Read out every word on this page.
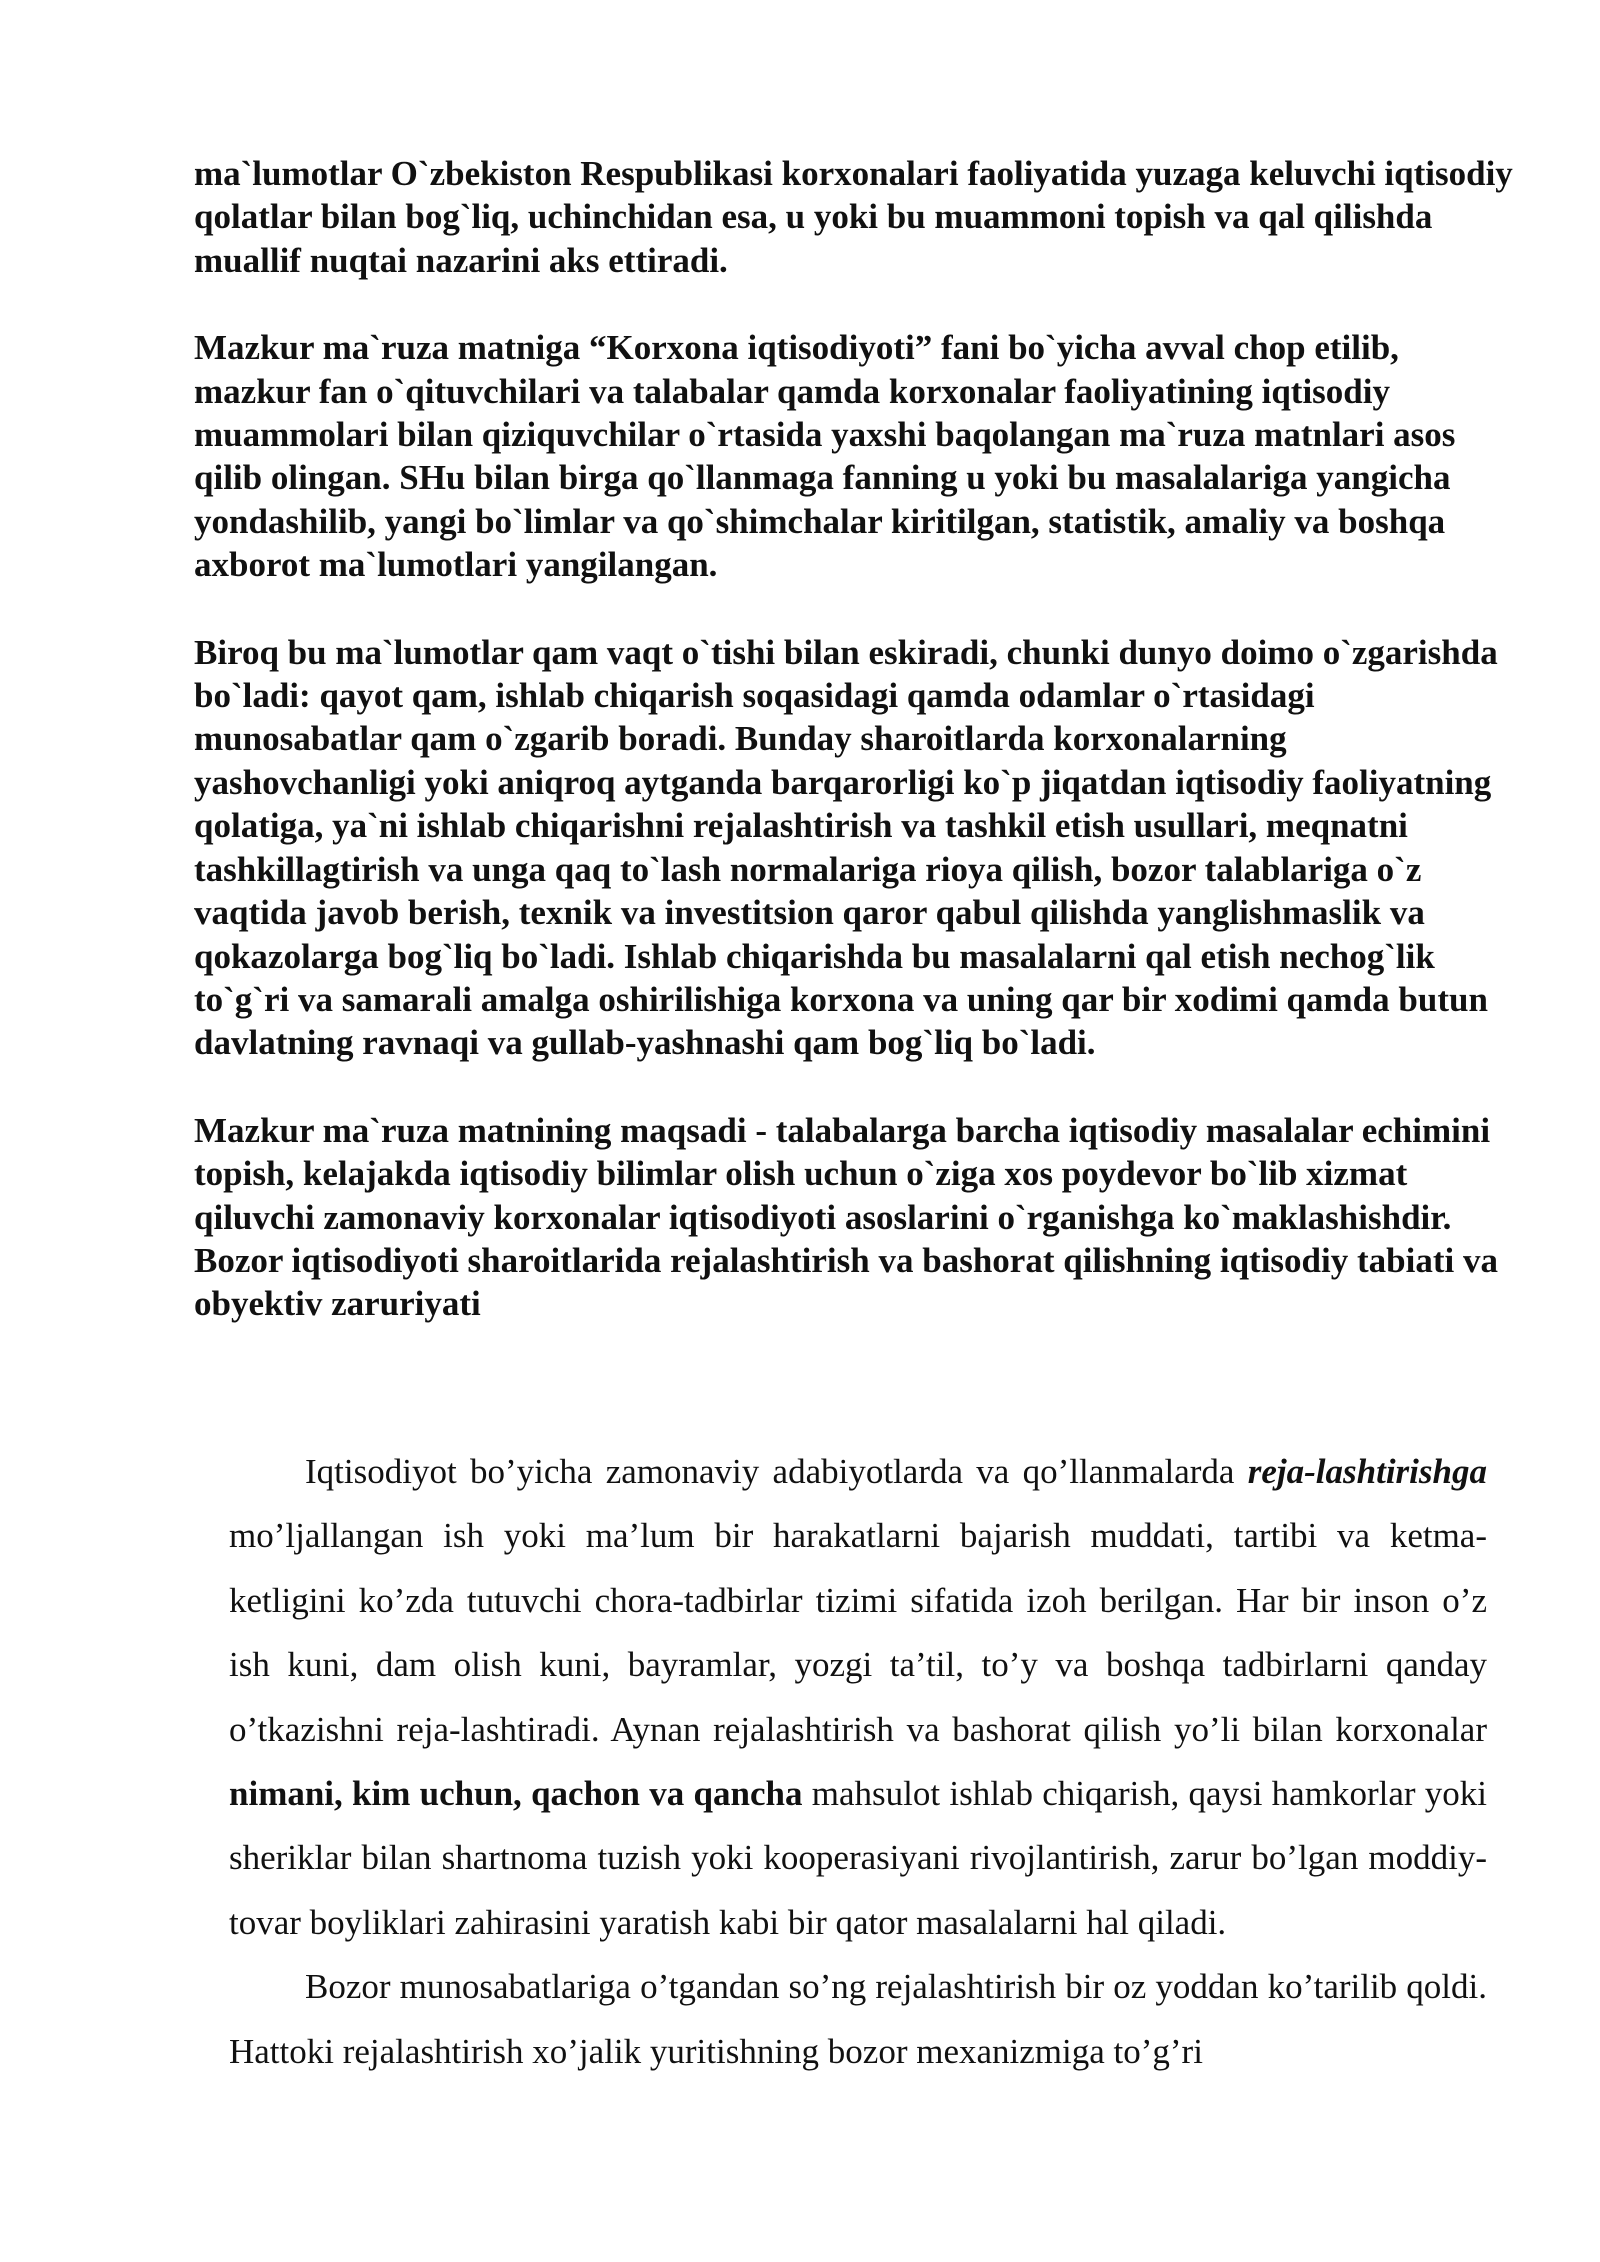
ma`lumotlar O`zbekiston Respublikasi korxonalari faoliyatida yuzaga keluvchi iqtisodiy qolatlar bilan bog`liq, uchinchidan esa, u yoki bu muammoni topish va qal qilishda muallif nuqtai nazarini aks ettiradi.

Mazkur ma`ruza matniga “Korxona iqtisodiyoti” fani bo`yicha avval chop etilib, mazkur fan o`qituvchilari va talabalar qamda korxonalar faoliyatining iqtisodiy muammolari bilan qiziquvchilar o`rtasida yaxshi baqolangan ma`ruza matnlari asos qilib olingan. SHu bilan birga qo`llanmaga fanning u yoki bu masalalariga yangicha yondashilib, yangi bo`limlar va qo`shimchalar kiritilgan, statistik, amaliy va boshqa axborot ma`lumotlari yangilangan.

Biroq bu ma`lumotlar qam vaqt o`tishi bilan eskiradi, chunki dunyo doimo o`zgarishda bo`ladi: qayot qam, ishlab chiqarish soqasidagi qamda odamlar o`rtasidagi munosabatlar qam o`zgarib boradi. Bunday sharoitlarda korxonalarning yashovchanligi yoki aniqroq aytganda barqarorligi ko`p jiqatdan iqtisodiy faoliyatning qolatiga, ya`ni ishlab chiqarishni rejalashtirish va tashkil etish usullari, meqnatni tashkillagtirish va unga qaq to`lash normalariga rioya qilish, bozor talablariga o`z vaqtida javob berish, texnik va investitsion qaror qabul qilishda yanglishmaslik va qokazolarga bog`liq bo`ladi. Ishlab chiqarishda bu masalalarni qal etish nechog`lik to`g`ri va samarali amalga oshirilishiga korxona va uning qar bir xodimi qamda butun davlatning ravnaqi va gullab-yashnashi qam bog`liq bo`ladi.

Mazkur ma`ruza matnining maqsadi - talabalarga barcha iqtisodiy masalalar echimini topish, kelajakda iqtisodiy bilimlar olish uchun o`ziga xos poydevor bo`lib xizmat qiluvchi zamonaviy korxonalar iqtisodiyoti asoslarini o`rganishga ko`maklashishdir.

Bozor iqtisodiyoti sharoitlarida rejalashtirish va bashorat qilishning iqtisodiy tabiati va obyektiv zaruriyati

Iqtisodiyot bo’yicha zamonaviy adabiyotlarda va qo’llanmalarda reja-lashtirishga mo’ljallangan ish yoki ma’lum bir harakatlarni bajarish muddati, tartibi va ketma-ketligini ko’zda tutuvchi chora-tadbirlar tizimi sifatida izoh berilgan. Har bir inson o’z ish kuni, dam olish kuni, bayramlar, yozgi ta’til, to’y va boshqa tadbirlarni qanday o’tkazishni reja-lashtiradi. Aynan rejalashtirish va bashorat qilish yo’li bilan korxonalar nimani, kim uchun, qachon va qancha mahsulot ishlab chiqarish, qaysi hamkorlar yoki sheriklar bilan shartnoma tuzish yoki kooperasiyani rivojlantirish, zarur bo’lgan moddiy-tovar boyliklari zahirasini yaratish kabi bir qator masalalarni hal qiladi.

Bozor munosabatlariga o’tgandan so’ng rejalashtirish bir oz yoddan ko’tarilib qoldi. Hattoki rejalashtirish xo’jalik yuritishning bozor mexanizmiga to’g’ri
